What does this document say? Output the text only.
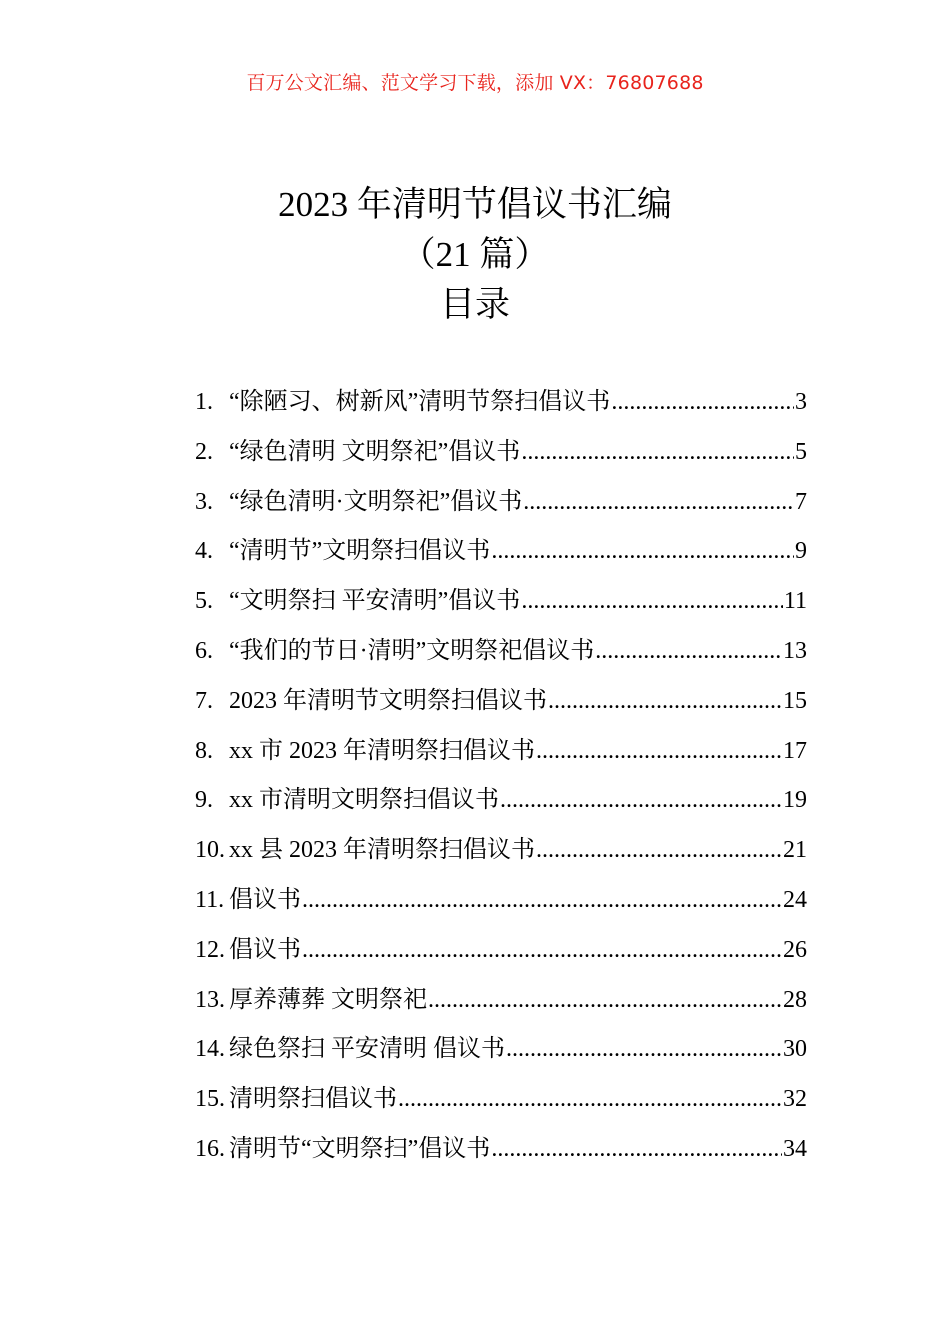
百万公文汇编、范文学习下载，添加 VX：76807688
2023 年清明节倡议书汇编
（21 篇）
目录
1. “除陋习、树新风”清明节祭扫倡议书 .....	3
2. “绿色清明 文明祭祀”倡议书 .....	5
3. “绿色清明·文明祭祀”倡议书 .....	7
4. “清明节”文明祭扫倡议书 .....	9
5. “文明祭扫 平安清明”倡议书 .....	11
6. “我们的节日·清明”文明祭祀倡议书 .....	13
7. 2023 年清明节文明祭扫倡议书 .....	15
8. xx 市 2023 年清明祭扫倡议书 .....	17
9. xx 市清明文明祭扫倡议书 .....	19
10. xx 县 2023 年清明祭扫倡议书 .....	21
11. 倡议书 .....	24
12. 倡议书 .....	26
13. 厚养薄葬 文明祭祀 .....	28
14. 绿色祭扫 平安清明 倡议书 .....	30
15. 清明祭扫倡议书 .....	32
16. 清明节“文明祭扫”倡议书 .....	34
